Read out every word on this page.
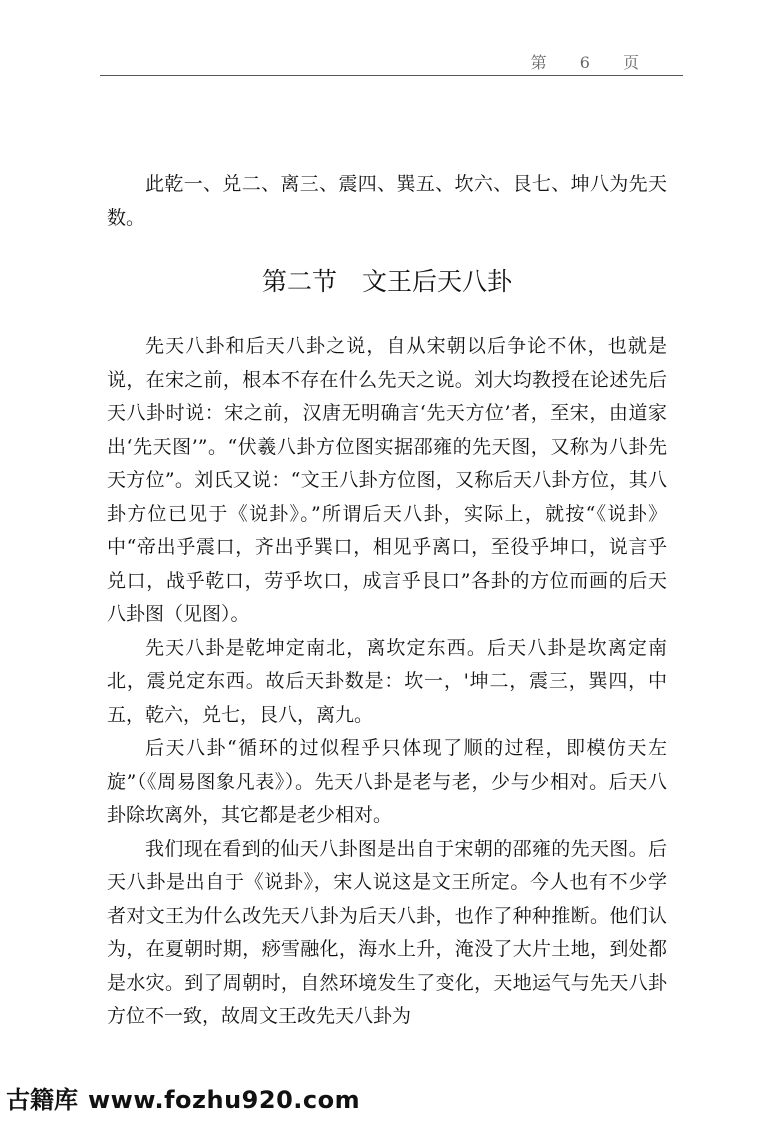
第 6 页

此乾一、兑二、离三、震四、巽五、坎六、艮七、坤八为先天数。

第二节　文王后天八卦

先天八卦和后天八卦之说，自从宋朝以后争论不休，也就是说，在宋之前，根本不存在什么先天之说。刘大均教授在论述先后天八卦时说：宋之前，汉唐无明确言‘先天方位’者，至宋，由道家出‘先天图’”。“伏羲八卦方位图实据邵雍的先天图，又称为八卦先天方位”。刘氏又说：“文王八卦方位图，又称后天八卦方位，其八卦方位已见于《说卦》。”所谓后天八卦，实际上，就按“《说卦》中“帝出乎震口，齐出乎巽口，相见乎离口，至役乎坤口，说言乎兑口，战乎乾口，劳乎坎口，成言乎艮口”各卦的方位而画的后天八卦图（见图）。

先天八卦是乾坤定南北，离坎定东西。后天八卦是坎离定南北，震兑定东西。故后天卦数是：坎一，'坤二，震三，巽四，中五，乾六，兑七，艮八，离九。

后天八卦“循环的过似程乎只体现了顺的过程，即模仿天左旋”（《周易图象凡表》）。先天八卦是老与老，少与少相对。后天八卦除坎离外，其它都是老少相对。

我们现在看到的仙天八卦图是出自于宋朝的邵雍的先天图。后天八卦是出自于《说卦》，宋人说这是文王所定。今人也有不少学者对文王为什么改先天八卦为后天八卦，也作了种种推断。他们认为，在夏朝时期，痧雪融化，海水上升，淹没了大片土地，到处都是水灾。到了周朝时，自然环境发生了变化，天地运气与先天八卦方位不一致，故周文王改先天八卦为

古籍库 www.fozhu920.com
